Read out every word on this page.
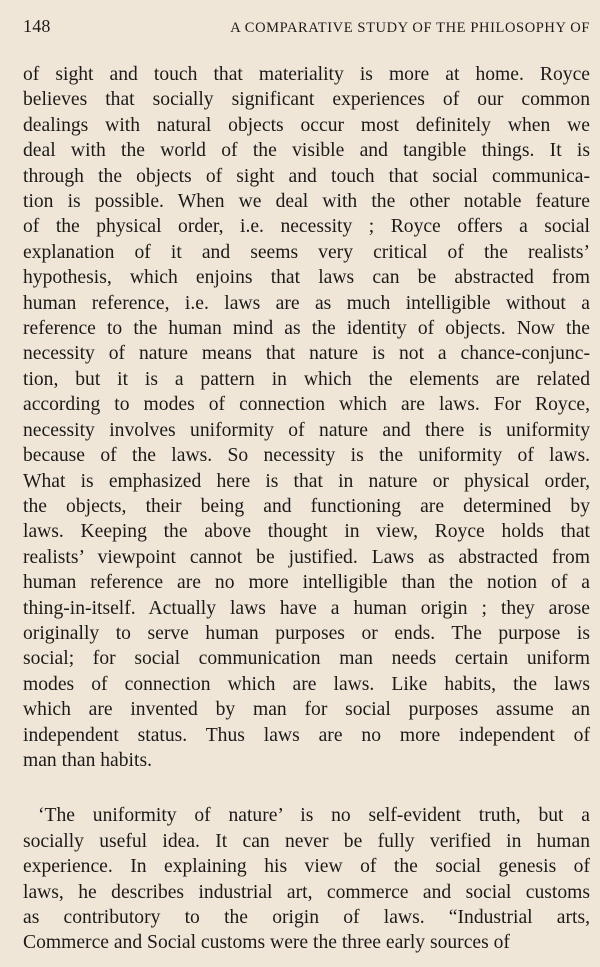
148	A COMPARATIVE STUDY OF THE PHILOSOPHY OF

of sight and touch that materiality is more at home. Royce
believes that socially significant experiences of our common
dealings with natural objects occur most definitely when we
deal with the world of the visible and tangible things. It is
through the objects of sight and touch that social communica-
tion is possible. When we deal with the other notable feature
of the physical order, i.e. necessity ; Royce offers a social
explanation of it and seems very critical of the realists’
hypothesis, which enjoins that laws can be abstracted from
human reference, i.e. laws are as much intelligible without a
reference to the human mind as the identity of objects. Now the
necessity of nature means that nature is not a chance-conjunc-
tion, but it is a pattern in which the elements are related
according to modes of connection which are laws. For Royce,
necessity involves uniformity of nature and there is uniformity
because of the laws. So necessity is the uniformity of laws.
What is emphasized here is that in nature or physical order,
the objects, their being and functioning are determined by
laws. Keeping the above thought in view, Royce holds that
realists’ viewpoint cannot be justified. Laws as abstracted from
human reference are no more intelligible than the notion of a
thing-in-itself. Actually laws have a human origin ; they arose
originally to serve human purposes or ends. The purpose is
social; for social communication man needs certain uniform
modes of connection which are laws. Like habits, the laws
which are invented by man for social purposes assume an
independent status. Thus laws are no more independent of
man than habits.

‘The uniformity of nature’ is no self-evident truth, but a
socially useful idea. It can never be fully verified in human
experience. In explaining his view of the social genesis of
laws, he describes industrial art, commerce and social customs
as contributory to the origin of laws. “Industrial arts,
Commerce and Social customs were the three early sources of
